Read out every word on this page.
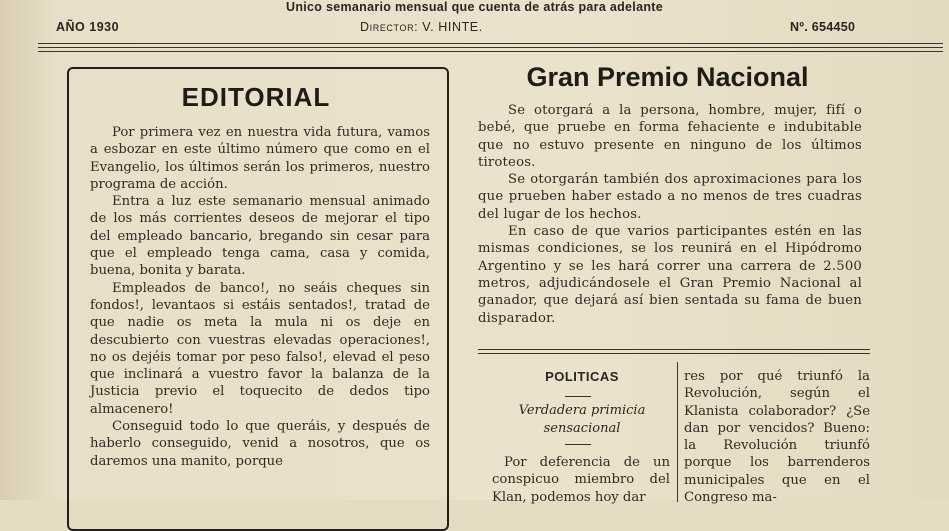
Unico semanario mensual que cuenta de atrás para adelante
AÑO 1930	Director: V. HINTE.	Nº. 654450
EDITORIAL

Por primera vez en nuestra vida futura, vamos a esbozar en este último número que como en el Evangelio, los últimos serán los primeros, nuestro programa de acción.

Entra a luz este semanario mensual animado de los más corrientes deseos de mejorar el tipo del empleado bancario, bregando sin cesar para que el empleado tenga cama, casa y comida, buena, bonita y barata.

Empleados de banco!, no seáis cheques sin fondos!, levantaos si estáis sentados!, tratad de que nadie os meta la mula ni os deje en descubierto con vuestras elevadas operaciones!, no os dejéis tomar por peso falso!, elevad el peso que inclinará a vuestro favor la balanza de la Justicia previo el toquecito de dedos tipo almacenero!

Conseguid todo lo que queráis, y después de haberlo conseguido, venid a nosotros, que os daremos una manito, porque

Gran Premio Nacional

Se otorgará a la persona, hombre, mujer, fifí o bebé, que pruebe en forma fehaciente e indubitable que no estuvo presente en ninguno de los últimos tiroteos.

Se otorgarán también dos aproximaciones para los que prueben haber estado a no menos de tres cuadras del lugar de los hechos.

En caso de que varios participantes estén en las mismas condiciones, se los reunirá en el Hipódromo Argentino y se les hará correr una carrera de 2.500 metros, adjudicándosele el Gran Premio Nacional al ganador, que dejará así bien sentada su fama de buen disparador.

POLITICAS
Verdadera primicia sensacional

Por deferencia de un conspicuo miembro del Klan, podemos hoy dar

res por qué triunfó la Revolución, según el Klanista colaborador? ¿Se dan por vencidos? Bueno: la Revolución triunfó porque los barrenderos municipales que en el Congreso ma-
